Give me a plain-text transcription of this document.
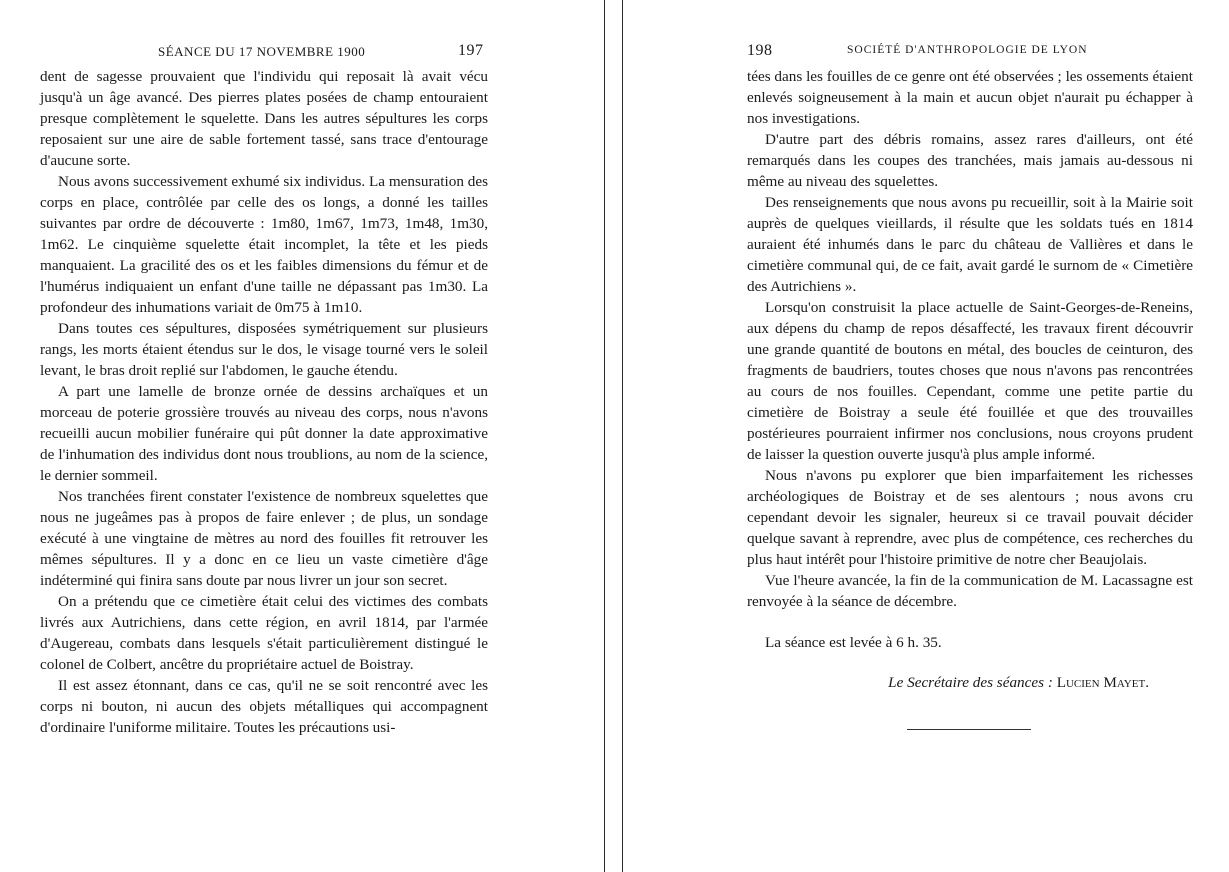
SÉANCE DU 17 NOVEMBRE 1900	197

dent de sagesse prouvaient que l'individu qui reposait là avait vécu jusqu'à un âge avancé. Des pierres plates posées de champ entouraient presque complètement le squelette. Dans les autres sépultures les corps reposaient sur une aire de sable fortement tassé, sans trace d'entourage d'aucune sorte.

Nous avons successivement exhumé six individus. La mensuration des corps en place, contrôlée par celle des os longs, a donné les tailles suivantes par ordre de découverte : 1m80, 1m67, 1m73, 1m48, 1m30, 1m62. Le cinquième squelette était incomplet, la tête et les pieds manquaient. La gracilité des os et les faibles dimensions du fémur et de l'humérus indiquaient un enfant d'une taille ne dépassant pas 1m30. La profondeur des inhumations variait de 0m75 à 1m10.

Dans toutes ces sépultures, disposées symétriquement sur plusieurs rangs, les morts étaient étendus sur le dos, le visage tourné vers le soleil levant, le bras droit replié sur l'abdomen, le gauche étendu.

A part une lamelle de bronze ornée de dessins archaïques et un morceau de poterie grossière trouvés au niveau des corps, nous n'avons recueilli aucun mobilier funéraire qui pût donner la date approximative de l'inhumation des individus dont nous troublions, au nom de la science, le dernier sommeil.

Nos tranchées firent constater l'existence de nombreux squelettes que nous ne jugeâmes pas à propos de faire enlever ; de plus, un sondage exécuté à une vingtaine de mètres au nord des fouilles fit retrouver les mêmes sépultures. Il y a donc en ce lieu un vaste cimetière d'âge indéterminé qui finira sans doute par nous livrer un jour son secret.

On a prétendu que ce cimetière était celui des victimes des combats livrés aux Autrichiens, dans cette région, en avril 1814, par l'armée d'Augereau, combats dans lesquels s'était particulièrement distingué le colonel de Colbert, ancêtre du propriétaire actuel de Boistray.

Il est assez étonnant, dans ce cas, qu'il ne se soit rencontré avec les corps ni bouton, ni aucun des objets métalliques qui accompagnent d'ordinaire l'uniforme militaire. Toutes les précautions usi-

198	SOCIÉTÉ D'ANTHROPOLOGIE DE LYON

tées dans les fouilles de ce genre ont été observées ; les ossements étaient enlevés soigneusement à la main et aucun objet n'aurait pu échapper à nos investigations.

D'autre part des débris romains, assez rares d'ailleurs, ont été remarqués dans les coupes des tranchées, mais jamais au-dessous ni même au niveau des squelettes.

Des renseignements que nous avons pu recueillir, soit à la Mairie soit auprès de quelques vieillards, il résulte que les soldats tués en 1814 auraient été inhumés dans le parc du château de Vallières et dans le cimetière communal qui, de ce fait, avait gardé le surnom de « Cimetière des Autrichiens ».

Lorsqu'on construisit la place actuelle de Saint-Georges-de-Reneins, aux dépens du champ de repos désaffecté, les travaux firent découvrir une grande quantité de boutons en métal, des boucles de ceinturon, des fragments de baudriers, toutes choses que nous n'avons pas rencontrées au cours de nos fouilles. Cependant, comme une petite partie du cimetière de Boistray a seule été fouillée et que des trouvailles postérieures pourraient infirmer nos conclusions, nous croyons prudent de laisser la question ouverte jusqu'à plus ample informé.

Nous n'avons pu explorer que bien imparfaitement les richesses archéologiques de Boistray et de ses alentours ; nous avons cru cependant devoir les signaler, heureux si ce travail pouvait décider quelque savant à reprendre, avec plus de compétence, ces recherches du plus haut intérêt pour l'histoire primitive de notre cher Beaujolais.

Vue l'heure avancée, la fin de la communication de M. Lacassagne est renvoyée à la séance de décembre.

La séance est levée à 6 h. 35.

Le Secrétaire des séances : Lucien Mayet.
